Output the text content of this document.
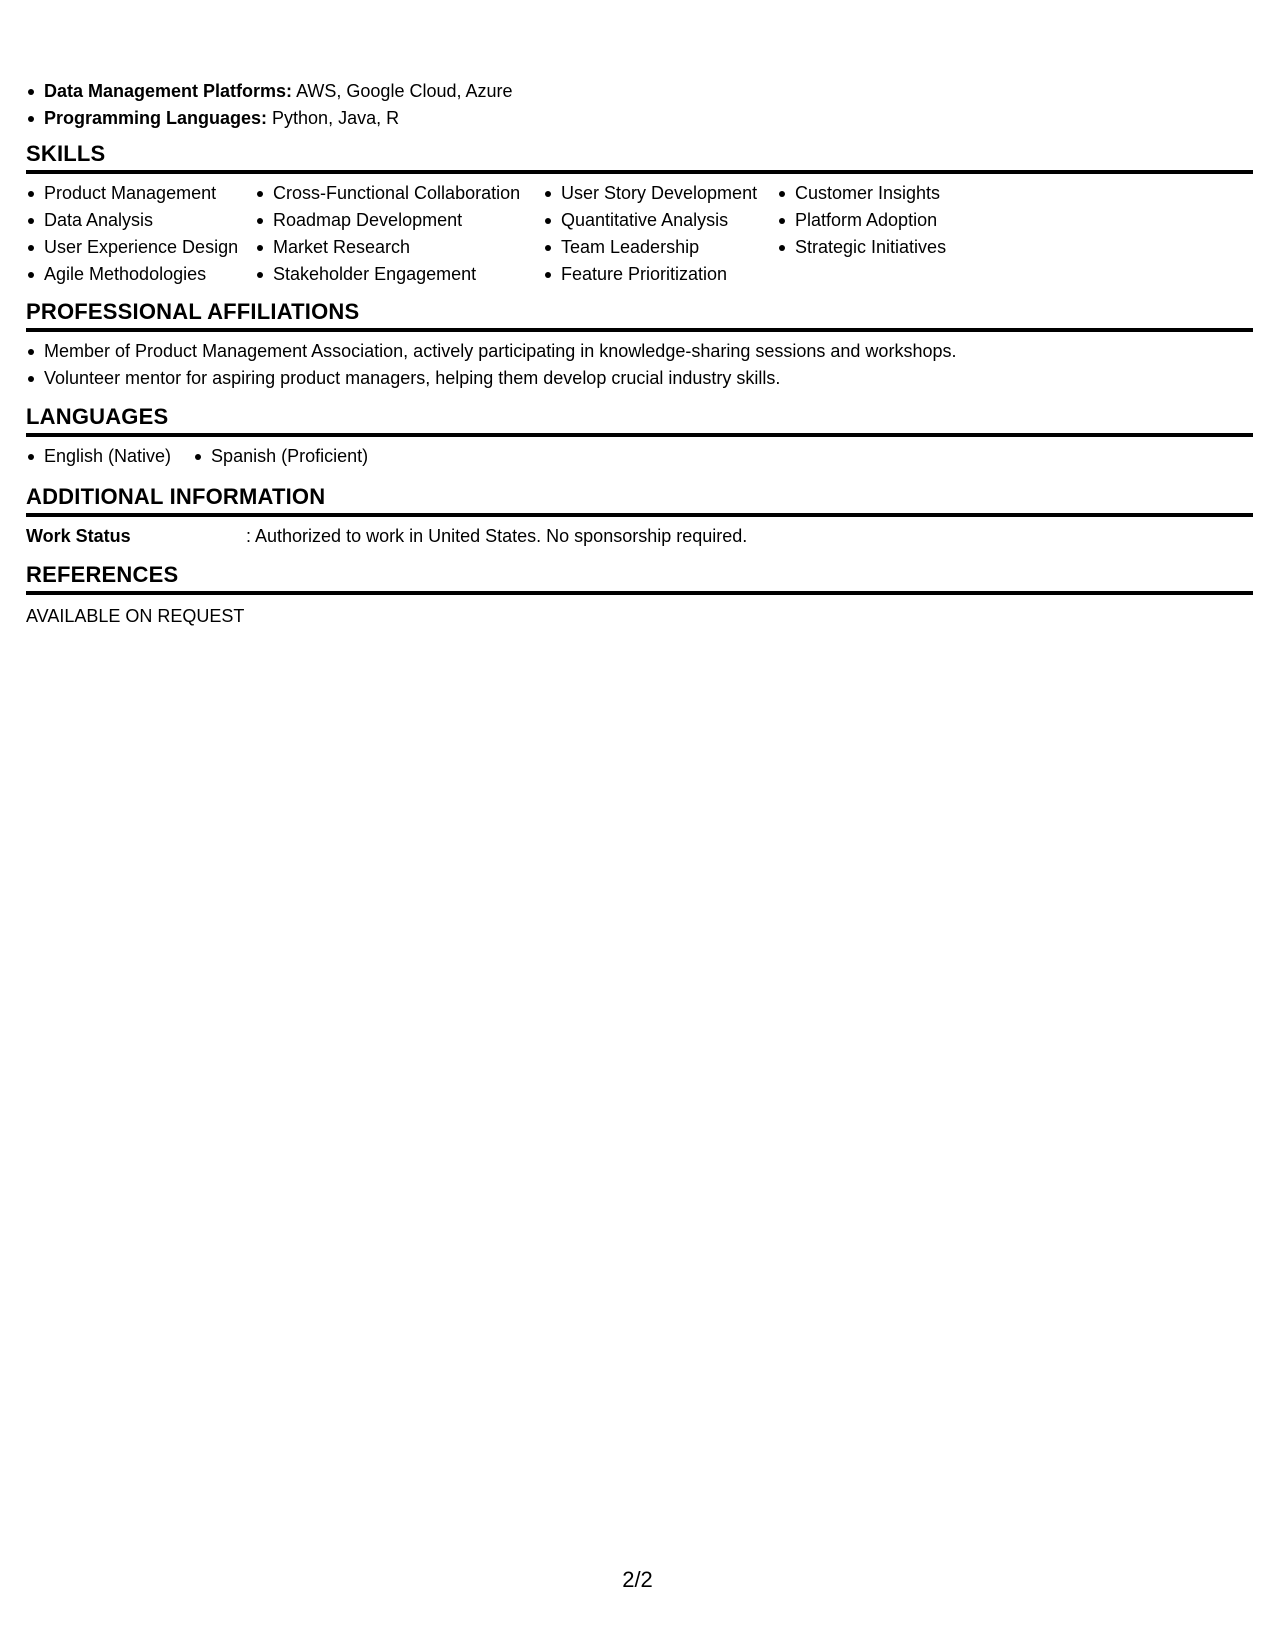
Data Management Platforms: AWS, Google Cloud, Azure
Programming Languages: Python, Java, R
SKILLS
Product Management
Data Analysis
User Experience Design
Agile Methodologies
Cross-Functional Collaboration
Roadmap Development
Market Research
Stakeholder Engagement
User Story Development
Quantitative Analysis
Team Leadership
Feature Prioritization
Customer Insights
Platform Adoption
Strategic Initiatives
PROFESSIONAL AFFILIATIONS
Member of Product Management Association, actively participating in knowledge-sharing sessions and workshops.
Volunteer mentor for aspiring product managers, helping them develop crucial industry skills.
LANGUAGES
English (Native)	Spanish (Proficient)
ADDITIONAL INFORMATION
Work Status	: Authorized to work in United States. No sponsorship required.
REFERENCES
AVAILABLE ON REQUEST
2/2
